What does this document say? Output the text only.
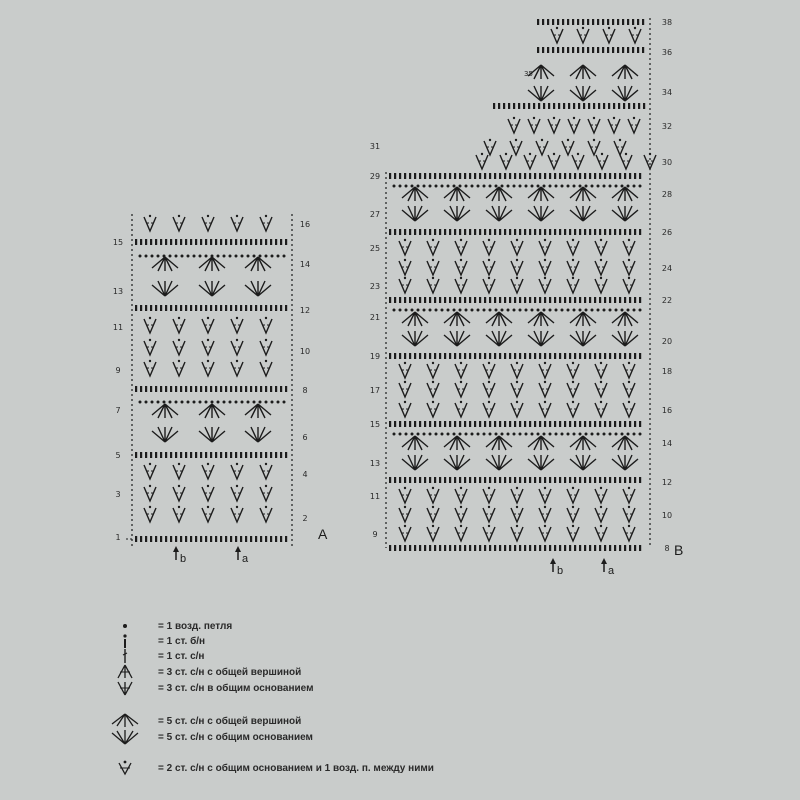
15
13
11
9
7
5
3
1
16
14
12
10
8
6
4
2
b	a
35
31
29
27
25
23
21
19
17
15
13
11
9
38
36
34
32
30
28
26
24
22
20
18
16
14
12
10
8
b	a
A
B
= 1 возд. петля
= 1 ст. б/н
= 1 ст. с/н
= 3 ст. с/н с общей вершиной
= 3 ст. с/н в общим основанием
= 5 ст. с/н с общей вершиной
= 5 ст. с/н с общим основанием
= 2 ст. с/н с общим основанием и 1 возд. п. между ними
